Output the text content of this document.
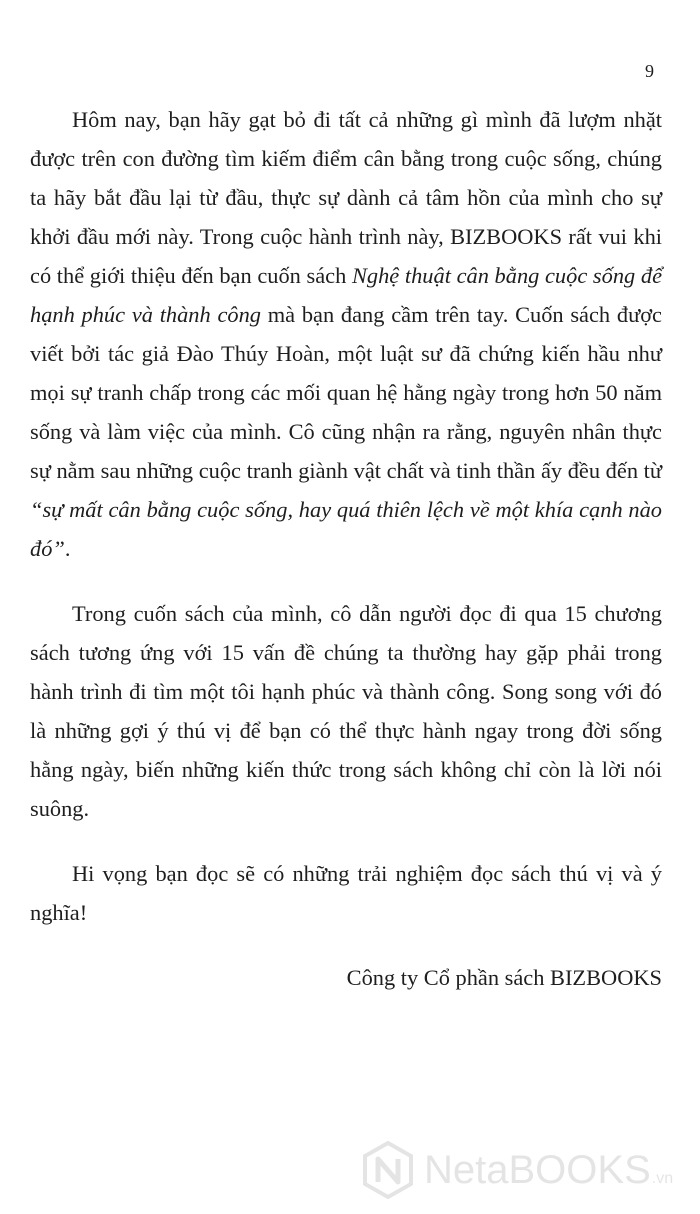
9

Hôm nay, bạn hãy gạt bỏ đi tất cả những gì mình đã lượm nhặt được trên con đường tìm kiếm điểm cân bằng trong cuộc sống, chúng ta hãy bắt đầu lại từ đầu, thực sự dành cả tâm hồn của mình cho sự khởi đầu mới này. Trong cuộc hành trình này, BIZBOOKS rất vui khi có thể giới thiệu đến bạn cuốn sách Nghệ thuật cân bằng cuộc sống để hạnh phúc và thành công mà bạn đang cầm trên tay. Cuốn sách được viết bởi tác giả Đào Thúy Hoàn, một luật sư đã chứng kiến hầu như mọi sự tranh chấp trong các mối quan hệ hằng ngày trong hơn 50 năm sống và làm việc của mình. Cô cũng nhận ra rằng, nguyên nhân thực sự nằm sau những cuộc tranh giành vật chất và tinh thần ấy đều đến từ “sự mất cân bằng cuộc sống, hay quá thiên lệch về một khía cạnh nào đó”.

Trong cuốn sách của mình, cô dẫn người đọc đi qua 15 chương sách tương ứng với 15 vấn đề chúng ta thường hay gặp phải trong hành trình đi tìm một tôi hạnh phúc và thành công. Song song với đó là những gợi ý thú vị để bạn có thể thực hành ngay trong đời sống hằng ngày, biến những kiến thức trong sách không chỉ còn là lời nói suông.

Hi vọng bạn đọc sẽ có những trải nghiệm đọc sách thú vị và ý nghĩa!

Công ty Cổ phần sách BIZBOOKS

NetaBOOKS .vn
